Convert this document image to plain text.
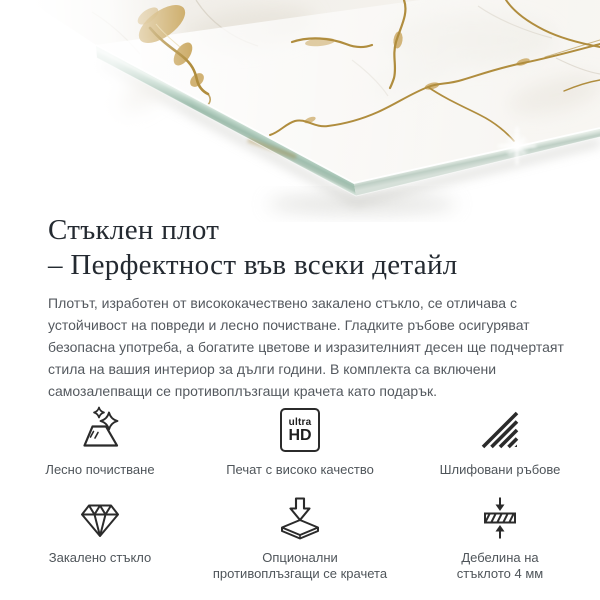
Стъклен плот
– Перфектност във всеки детайл

Плотът, изработен от висококачествено закалено стъкло, се отличава с устойчивост на повреди и лесно почистване. Гладките ръбове осигуряват безопасна употреба, а богатите цветове и изразителният десен ще подчертаят стила на вашия интериор за дълги години. В комплекта са включени самозалепващи се противоплъзгащи крачета като подарък.

Лесно почистване
ultra
HD
Печат с високо качество	Шлифовани ръбове
Закалено стъкло	Опционални противоплъзгащи се крачета
Дебелина на стъклото 4 мм
